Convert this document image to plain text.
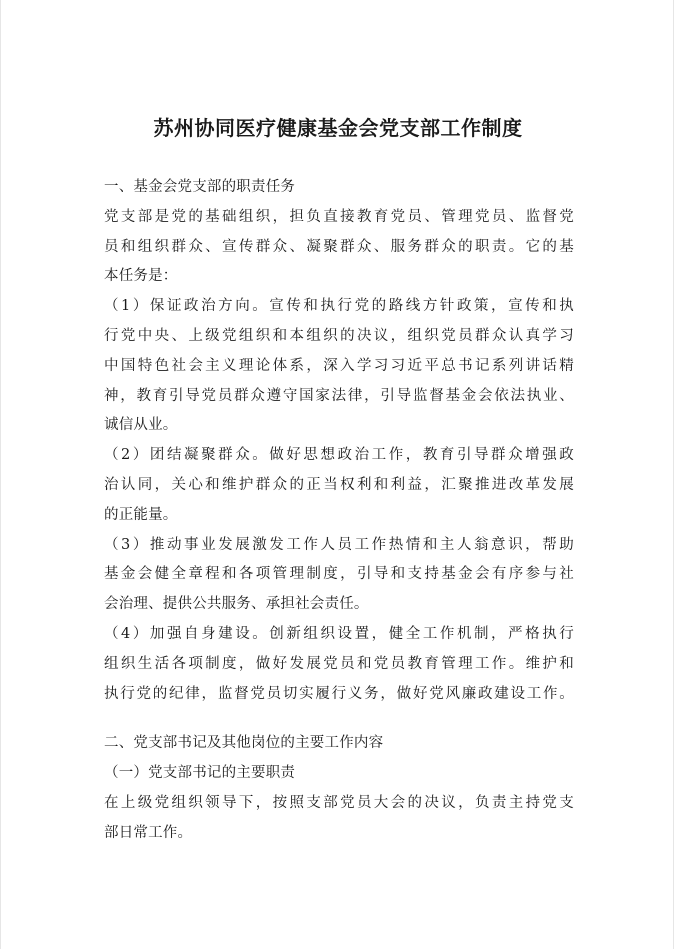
苏州协同医疗健康基金会党支部工作制度
一、基金会党支部的职责任务
党支部是党的基础组织，担负直接教育党员、管理党员、监督党
员和组织群众、宣传群众、凝聚群众、服务群众的职责。它的基
本任务是：
（1）保证政治方向。宣传和执行党的路线方针政策，宣传和执
行党中央、上级党组织和本组织的决议，组织党员群众认真学习
中国特色社会主义理论体系，深入学习习近平总书记系列讲话精
神，教育引导党员群众遵守国家法律，引导监督基金会依法执业、
诚信从业。
（2）团结凝聚群众。做好思想政治工作，教育引导群众增强政
治认同，关心和维护群众的正当权利和利益，汇聚推进改革发展
的正能量。
（3）推动事业发展激发工作人员工作热情和主人翁意识，帮助
基金会健全章程和各项管理制度，引导和支持基金会有序参与社
会治理、提供公共服务、承担社会责任。
（4）加强自身建设。创新组织设置，健全工作机制，严格执行
组织生活各项制度，做好发展党员和党员教育管理工作。维护和
执行党的纪律，监督党员切实履行义务，做好党风廉政建设工作。
二、党支部书记及其他岗位的主要工作内容
（一）党支部书记的主要职责
在上级党组织领导下，按照支部党员大会的决议，负责主持党支
部日常工作。
